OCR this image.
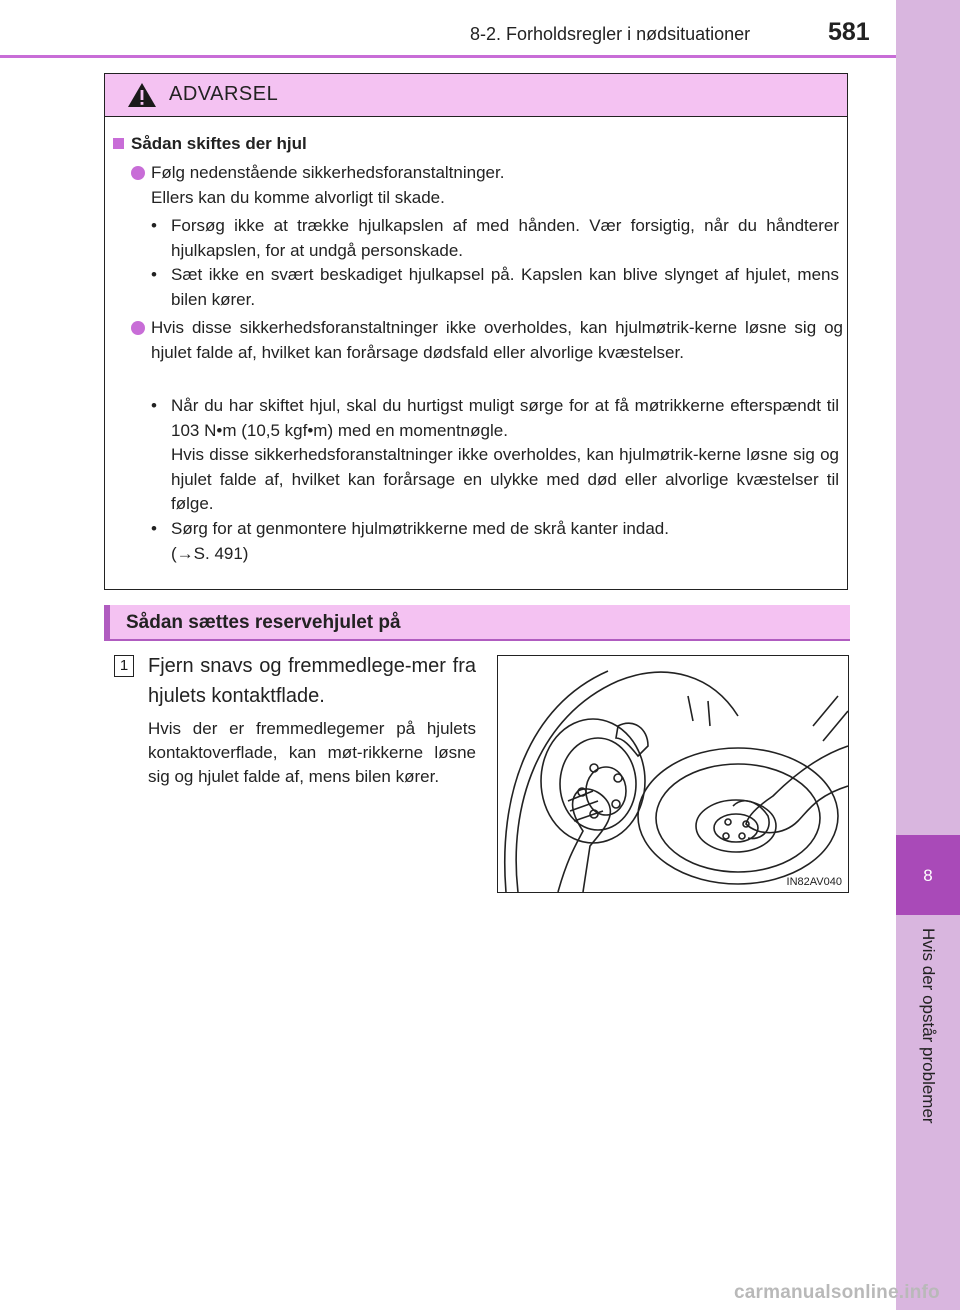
8-2. Forholdsregler i nødsituationer	581
8
Hvis der opstår problemer
ADVARSEL
Sådan skiftes der hjul

Følg nedenstående sikkerhedsforanstaltninger.

Ellers kan du komme alvorligt til skade.

• Forsøg ikke at trække hjulkapslen af med hånden. Vær forsigtig, når du håndterer hjulkapslen, for at undgå personskade.

• Sæt ikke en svært beskadiget hjulkapsel på. Kapslen kan blive slynget af hjulet, mens bilen kører.

Hvis disse sikkerhedsforanstaltninger ikke overholdes, kan hjulmøtrik-kerne løsne sig og hjulet falde af, hvilket kan forårsage dødsfald eller alvorlige kvæstelser.

• Når du har skiftet hjul, skal du hurtigst muligt sørge for at få møtrikkerne efterspændt til 103 N•m (10,5 kgf•m) med en momentnøgle.

Hvis disse sikkerhedsforanstaltninger ikke overholdes, kan hjulmøtrik-kerne løsne sig og hjulet falde af, hvilket kan forårsage en ulykke med død eller alvorlige kvæstelser til følge.

• Sørg for at genmontere hjulmøtrikkerne med de skrå kanter indad.

(→S. 491)

Sådan sættes reservehjulet på
1 Fjern snavs og fremmedlege-mer fra hjulets kontaktflade.
Hvis der er fremmedlegemer på hjulets kontaktoverflade, kan møt-rikkerne løsne sig og hjulet falde af, mens bilen kører.
IN82AV040
carmanualsonline.info
